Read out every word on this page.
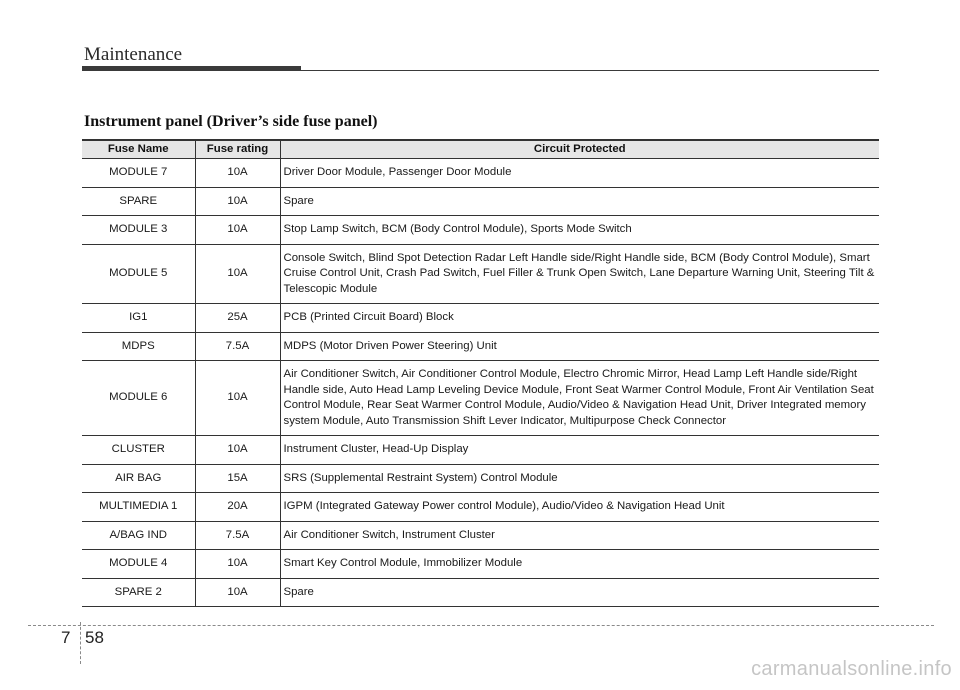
Maintenance
Instrument panel (Driver’s side fuse panel)
Fuse Name	Fuse rating	Circuit Protected
MODULE 7	10A	Driver Door Module, Passenger Door Module
SPARE	10A	Spare
MODULE 3	10A	Stop Lamp Switch, BCM (Body Control Module), Sports Mode Switch
MODULE 5	10A	Console Switch, Blind Spot Detection Radar Left Handle side/Right Handle side, BCM (Body Control Module), Smart Cruise Control Unit, Crash Pad Switch, Fuel Filler & Trunk Open Switch, Lane Departure Warning Unit, Steering Tilt & Telescopic Module
IG1	25A	PCB (Printed Circuit Board) Block
MDPS	7.5A	MDPS (Motor Driven Power Steering) Unit
MODULE 6	10A	Air Conditioner Switch, Air Conditioner Control Module, Electro Chromic Mirror, Head Lamp Left Handle side/Right Handle side, Auto Head Lamp Leveling Device Module, Front Seat Warmer Control Module, Front Air Ventilation Seat Control Module, Rear Seat Warmer Control Module, Audio/Video & Navigation Head Unit, Driver Integrated memory system Module, Auto Transmission Shift Lever Indicator, Multipurpose Check Connector
CLUSTER	10A	Instrument Cluster, Head-Up Display
AIR BAG	15A	SRS (Supplemental Restraint System) Control Module
MULTIMEDIA 1	20A	IGPM (Integrated Gateway Power control Module), Audio/Video & Navigation Head Unit
A/BAG IND	7.5A	Air Conditioner Switch, Instrument Cluster
MODULE 4	10A	Smart Key Control Module, Immobilizer Module
SPARE 2	10A	Spare
7 58
carmanualsonline.info
